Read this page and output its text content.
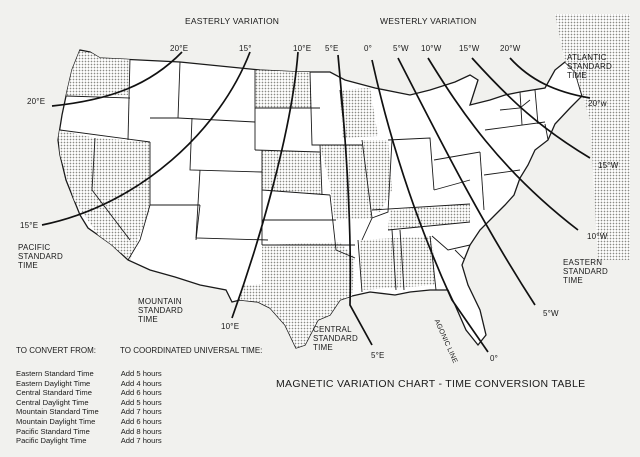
EASTERLY VARIATION	WESTERLY VARIATION
20°E	15°	10°E 5°E	0°	5°W 10°W 15°W	20°W
20°E
15°E
10°E
5°E	0°
5°W
10°W
15°W
20°w
AGONIC LINE
PACIFIC STANDARD TIME
MOUNTAIN STANDARD TIME
CENTRAL STANDARD TIME
EASTERN STANDARD TIME
ATLANTIC STANDARD TIME
MAGNETIC VARIATION CHART - TIME CONVERSION TABLE
TO CONVERT FROM:	TO COORDINATED UNIVERSAL TIME:
Eastern Standard Time	Add 5 hours
Eastern Daylight Time	Add 4 hours
Central Standard Time	Add 6 hours
Central Daylight Time	Add 5 hours
Mountain Standard Time	Add 7 hours
Mountain Daylight Time	Add 6 hours
Pacific Standard Time	Add 8 hours
Pacific Daylight Time	Add 7 hours
